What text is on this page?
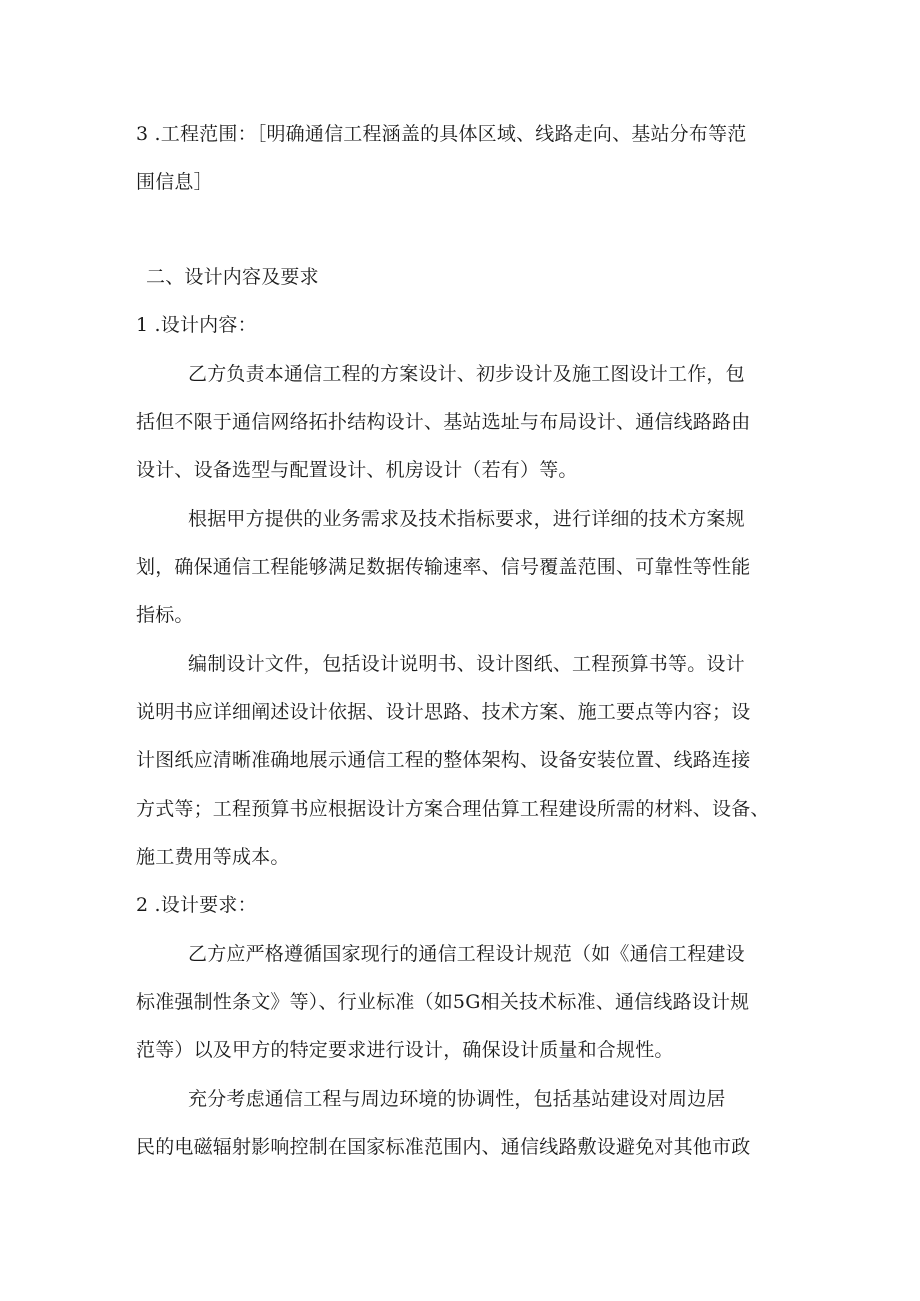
3 .工程范围：［明确通信工程涵盖的具体区域、线路走向、基站分布等范
围信息］
二、设计内容及要求
1 .设计内容：
乙方负责本通信工程的方案设计、初步设计及施工图设计工作，包
括但不限于通信网络拓扑结构设计、基站选址与布局设计、通信线路路由
设计、设备选型与配置设计、机房设计（若有）等。
根据甲方提供的业务需求及技术指标要求，进行详细的技术方案规
划，确保通信工程能够满足数据传输速率、信号覆盖范围、可靠性等性能
指标。
编制设计文件，包括设计说明书、设计图纸、工程预算书等。设计
说明书应详细阐述设计依据、设计思路、技术方案、施工要点等内容；设
计图纸应清晰准确地展示通信工程的整体架构、设备安装位置、线路连接
方式等；工程预算书应根据设计方案合理估算工程建设所需的材料、设备、
施工费用等成本。
2 .设计要求：
乙方应严格遵循国家现行的通信工程设计规范（如《通信工程建设
标准强制性条文》等）、行业标准（如5G相关技术标准、通信线路设计规
范等）以及甲方的特定要求进行设计，确保设计质量和合规性。
充分考虑通信工程与周边环境的协调性，包括基站建设对周边居
民的电磁辐射影响控制在国家标准范围内、通信线路敷设避免对其他市政
